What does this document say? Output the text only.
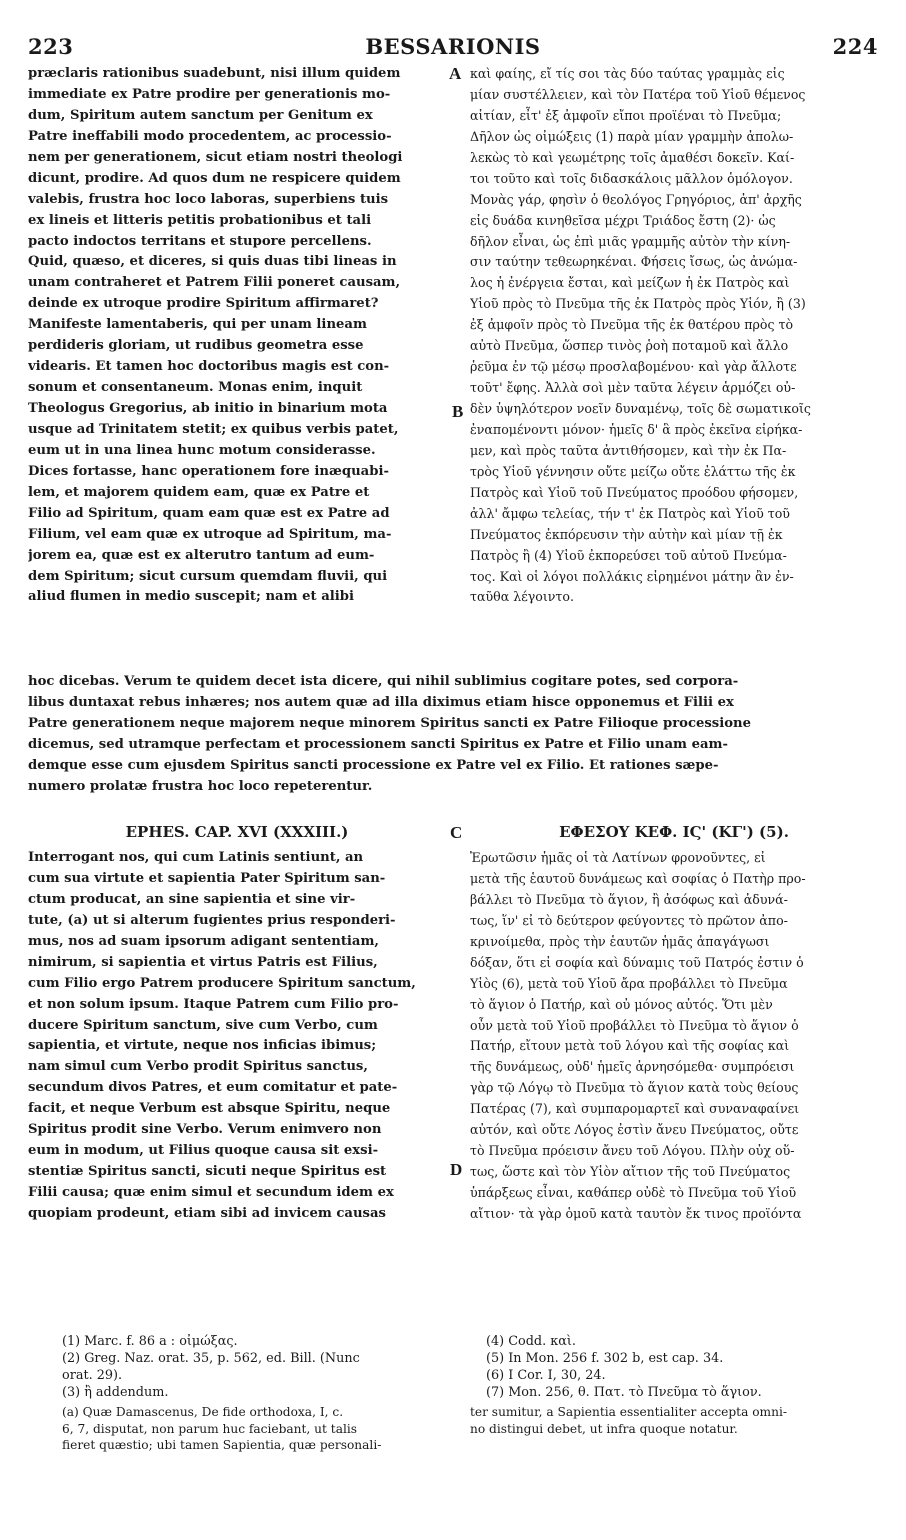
223	BESSARIONIS	224
A
B
C
D
præclaris rationibus suadebunt, nisi illum quidem
immediate ex Patre prodire per generationis mo-
dum, Spiritum autem sanctum per Genitum ex
Patre ineffabili modo procedentem, ac processio-
nem per generationem, sicut etiam nostri theologi
dicunt, prodire. Ad quos dum ne respicere quidem
valebis, frustra hoc loco laboras, superbiens tuis
ex lineis et litteris petitis probationibus et tali
pacto indoctos territans et stupore percellens.
Quid, quæso, et diceres, si quis duas tibi lineas in
unam contraheret et Patrem Filii poneret causam,
deinde ex utroque prodire Spiritum affirmaret?
Manifeste lamentaberis, qui per unam lineam
perdideris gloriam, ut rudibus geometra esse
videaris. Et tamen hoc doctoribus magis est con-
sonum et consentaneum. Monas enim, inquit
Theologus Gregorius, ab initio in binarium mota
usque ad Trinitatem stetit; ex quibus verbis patet,
eum ut in una linea hunc motum considerasse.
Dices fortasse, hanc operationem fore inæquabi-
lem, et majorem quidem eam, quæ ex Patre et
Filio ad Spiritum, quam eam quæ est ex Patre ad
Filium, vel eam quæ ex utroque ad Spiritum, ma-
jorem ea, quæ est ex alterutro tantum ad eum-
dem Spiritum; sicut cursum quemdam fluvii, qui
aliud flumen in medio suscepit; nam et alibi
καὶ φαίης, εἴ τίς σοι τὰς δύο ταύτας γραμμὰς εἰς
μίαν συστέλλειεν, καὶ τὸν Πατέρα τοῦ Υἱοῦ θέμενος
αἰτίαν, εἶτ' ἐξ ἀμφοῖν εἴποι προϊέναι τὸ Πνεῦμα;
Δῆλον ὡς οἰμώξεις (1) παρὰ μίαν γραμμὴν ἀπολω-
λεκὼς τὸ καὶ γεωμέτρης τοῖς ἀμαθέσι δοκεῖν. Καί-
τοι τοῦτο καὶ τοῖς διδασκάλοις μᾶλλον ὁμόλογον.
Μονὰς γάρ, φησὶν ὁ θεολόγος Γρηγόριος, ἀπ' ἀρχῆς
εἰς δυάδα κινηθεῖσα μέχρι Τριάδος ἔστη (2)· ὡς
δῆλον εἶναι, ὡς ἐπὶ μιᾶς γραμμῆς αὐτὸν τὴν κίνη-
σιν ταύτην τεθεωρηκέναι. Φήσεις ἴσως, ὡς ἀνώμα-
λος ἡ ἐνέργεια ἔσται, καὶ μείζων ἡ ἐκ Πατρὸς καὶ
Υἱοῦ πρὸς τὸ Πνεῦμα τῆς ἐκ Πατρὸς πρὸς Υἱόν, ἢ (3)
ἐξ ἀμφοῖν πρὸς τὸ Πνεῦμα τῆς ἐκ θατέρου πρὸς τὸ
αὐτὸ Πνεῦμα, ὥσπερ τινὸς ῥοὴ ποταμοῦ καὶ ἄλλο
ῥεῦμα ἐν τῷ μέσῳ προσλαβομένου· καὶ γὰρ ἄλλοτε
τοῦτ' ἔφης. Ἀλλὰ σοὶ μὲν ταῦτα λέγειν ἁρμόζει οὐ-
δὲν ὑψηλότερον νοεῖν δυναμένῳ, τοῖς δὲ σωματικοῖς
ἐναπομένοντι μόνον· ἡμεῖς δ' ἃ πρὸς ἐκεῖνα εἰρήκα-
μεν, καὶ πρὸς ταῦτα ἀντιθήσομεν, καὶ τὴν ἐκ Πα-
τρὸς Υἱοῦ γέννησιν οὔτε μείζω οὔτε ἐλάττω τῆς ἐκ
Πατρὸς καὶ Υἱοῦ τοῦ Πνεύματος προόδου φήσομεν,
ἀλλ' ἄμφω τελείας, τήν τ' ἐκ Πατρὸς καὶ Υἱοῦ τοῦ
Πνεύματος ἐκπόρευσιν τὴν αὐτὴν καὶ μίαν τῇ ἐκ
Πατρὸς ἢ (4) Υἱοῦ ἐκπορεύσει τοῦ αὐτοῦ Πνεύμα-
τος. Καὶ οἱ λόγοι πολλάκις εἰρημένοι μάτην ἂν ἐν-
ταῦθα λέγοιντο.
hoc dicebas. Verum te quidem decet ista dicere, qui nihil sublimius cogitare potes, sed corpora-
libus duntaxat rebus inhæres; nos autem quæ ad illa diximus etiam hisce opponemus et Filii ex
Patre generationem neque majorem neque minorem Spiritus sancti ex Patre Filioque processione
dicemus, sed utramque perfectam et processionem sancti Spiritus ex Patre et Filio unam eam-
demque esse cum ejusdem Spiritus sancti processione ex Patre vel ex Filio. Et rationes sæpe-
numero prolatæ frustra hoc loco repeterentur.
EPHES. CAP. XVI (XXXIII.)	ΕΦΕΣΟΥ ΚΕΦ. ΙϚ' (ΚΓ') (5).
Interrogant nos, qui cum Latinis sentiunt, an
cum sua virtute et sapientia Pater Spiritum san-
ctum producat, an sine sapientia et sine vir-
tute, (a) ut si alterum fugientes prius responderi-
mus, nos ad suam ipsorum adigant sententiam,
nimirum, si sapientia et virtus Patris est Filius,
cum Filio ergo Patrem producere Spiritum sanctum,
et non solum ipsum. Itaque Patrem cum Filio pro-
ducere Spiritum sanctum, sive cum Verbo, cum
sapientia, et virtute, neque nos inficias ibimus;
nam simul cum Verbo prodit Spiritus sanctus,
secundum divos Patres, et eum comitatur et pate-
facit, et neque Verbum est absque Spiritu, neque
Spiritus prodit sine Verbo. Verum enimvero non
eum in modum, ut Filius quoque causa sit exsi-
stentiæ Spiritus sancti, sicuti neque Spiritus est
Filii causa; quæ enim simul et secundum idem ex
quopiam prodeunt, etiam sibi ad invicem causas
Ἐρωτῶσιν ἡμᾶς οἱ τὰ Λατίνων φρονοῦντες, εἰ
μετὰ τῆς ἑαυτοῦ δυνάμεως καὶ σοφίας ὁ Πατὴρ προ-
βάλλει τὸ Πνεῦμα τὸ ἅγιον, ἢ ἀσόφως καὶ ἀδυνά-
τως, ἵν' εἰ τὸ δεύτερον φεύγοντες τὸ πρῶτον ἀπο-
κρινοίμεθα, πρὸς τὴν ἑαυτῶν ἡμᾶς ἀπαγάγωσι
δόξαν, ὅτι εἰ σοφία καὶ δύναμις τοῦ Πατρός ἐστιν ὁ
Υἱὸς (6), μετὰ τοῦ Υἱοῦ ἄρα προβάλλει τὸ Πνεῦμα
τὸ ἅγιον ὁ Πατήρ, καὶ οὐ μόνος αὐτός. Ὅτι μὲν
οὖν μετὰ τοῦ Υἱοῦ προβάλλει τὸ Πνεῦμα τὸ ἅγιον ὁ
Πατήρ, εἴτουν μετὰ τοῦ λόγου καὶ τῆς σοφίας καὶ
τῆς δυνάμεως, οὐδ' ἡμεῖς ἀρνησόμεθα· συμπρόεισι
γὰρ τῷ Λόγῳ τὸ Πνεῦμα τὸ ἅγιον κατὰ τοὺς θείους
Πατέρας (7), καὶ συμπαρομαρτεῖ καὶ συναναφαίνει
αὐτόν, καὶ οὔτε Λόγος ἐστὶν ἄνευ Πνεύματος, οὔτε
τὸ Πνεῦμα πρόεισιν ἄνευ τοῦ Λόγου. Πλὴν οὐχ οὕ-
τως, ὥστε καὶ τὸν Υἱὸν αἴτιον τῆς τοῦ Πνεύματος
ὑπάρξεως εἶναι, καθάπερ οὐδὲ τὸ Πνεῦμα τοῦ Υἱοῦ
αἴτιον· τὰ γὰρ ὁμοῦ κατὰ ταυτὸν ἔκ τινος προϊόντα
(1) Marc. f. 86 a : οἰμώξας.
(2) Greg. Naz. orat. 35, p. 562, ed. Bill. (Nunc
orat. 29).
(3) ἢ addendum.
(4) Codd. καὶ.
(5) In Mon. 256 f. 302 b, est cap. 34.
(6) I Cor. I, 30, 24.
(7) Mon. 256, θ. Πατ. τὸ Πνεῦμα τὸ ἅγιον.
(a) Quæ Damascenus, De fide orthodoxa, I, c.
6, 7, disputat, non parum huc faciebant, ut talis
fieret quæstio; ubi tamen Sapientia, quæ personali-
ter sumitur, a Sapientia essentialiter accepta omni-
no distingui debet, ut infra quoque notatur.
